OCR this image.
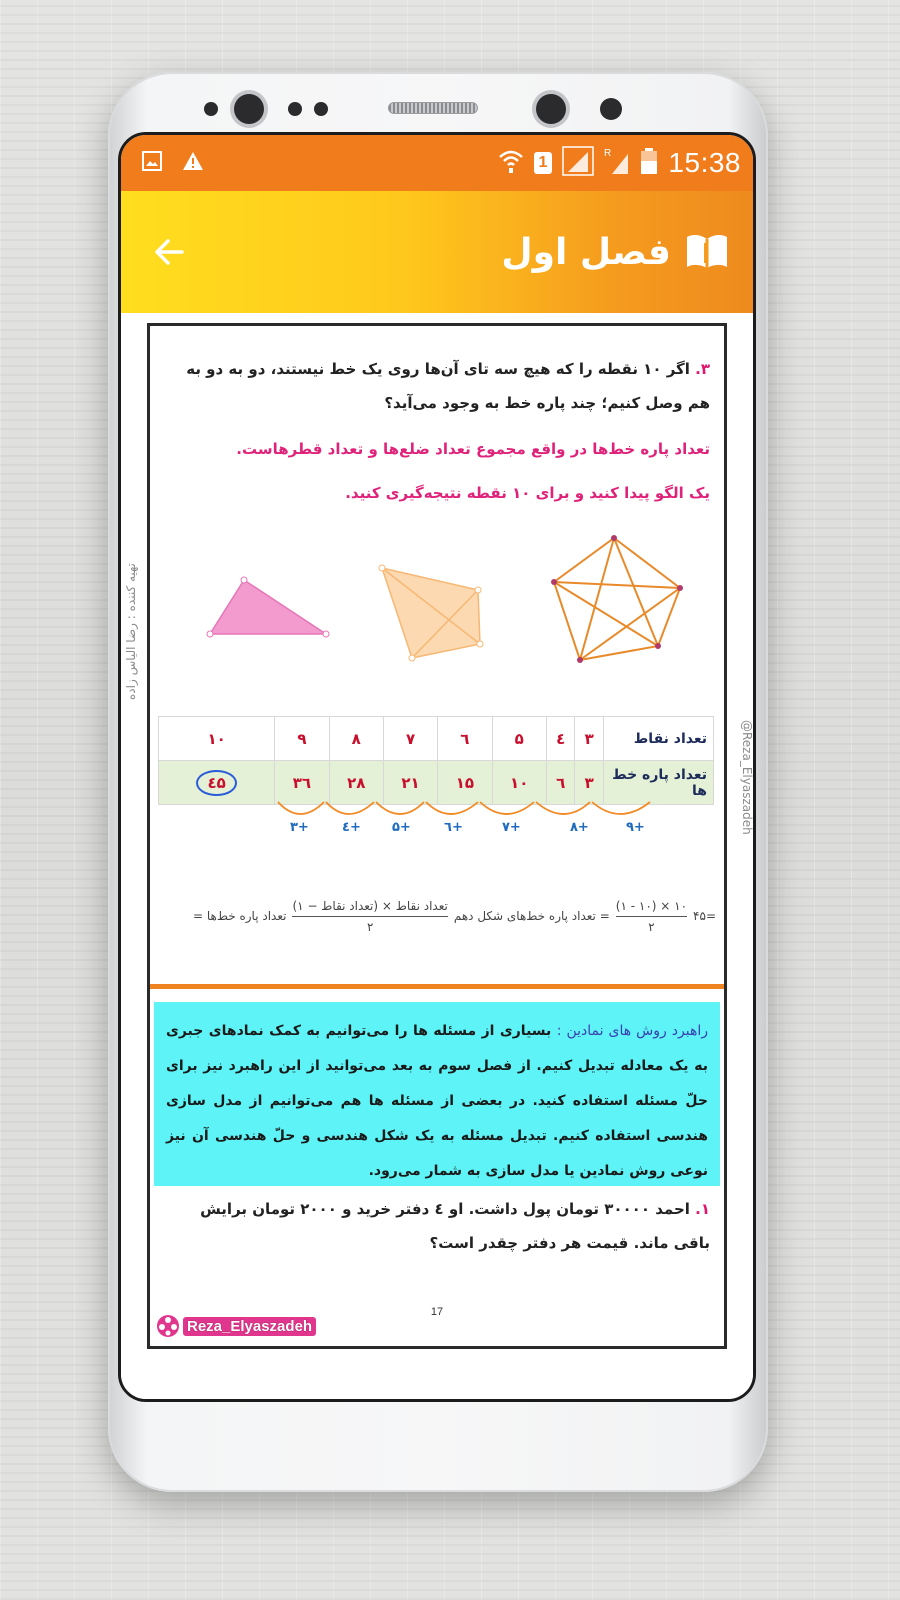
1
R 15:38
فصل اول
۳. اگر ۱۰ نقطه را که هیچ سه تای آن‌ها روی یک خط نیستند، دو به دو به هم وصل کنیم؛ چند پاره خط به وجود می‌آید؟
تعداد پاره خط‌ها در واقع مجموع تعداد ضلع‌ها و تعداد قطرهاست.
یک الگو پیدا کنید و برای ۱۰ نقطه نتیجه‌گیری کنید.
تعداد نقاط	۳	٤	۵	٦	۷	۸	۹	۱۰
تعداد پاره خط ها	۳	٦	۱۰	۱۵	۲۱	۲۸	۳٦	٤۵
۳+	٤+ ۵+	٦+	۷+	۸+	۹+
=۴۵
$\frac{۱۰ \times (۱۰ - ۱)}{۲}$
= تعداد پاره خط‌های شکل دهم
$\frac{\text{تعداد نقاط × (تعداد نقاط − ۱)}}{۲}$
تعداد پاره خط‌ها =
راهبرد روش های نمادین : بسیاری از مسئله ها را می‌توانیم به کمک نمادهای جبری به یک معادله تبدیل کنیم. از فصل سوم به بعد می‌توانید از این راهبرد نیز برای حلّ مسئله استفاده کنید. در بعضی از مسئله ها هم می‌توانیم از مدل سازی هندسی استفاده کنیم. تبدیل مسئله به یک شکل هندسی و حلّ هندسی آن نیز نوعی روش نمادین یا مدل سازی به شمار می‌رود.
۱. احمد ۳۰۰۰۰ تومان پول داشت. او ٤ دفتر خرید و ۲۰۰۰ تومان برایش باقی ماند. قیمت هر دفتر چقدر است؟
17
Reza_Elyaszadeh
تهیه کننده : رضا الیاس زاده
@Reza_Elyaszadeh
